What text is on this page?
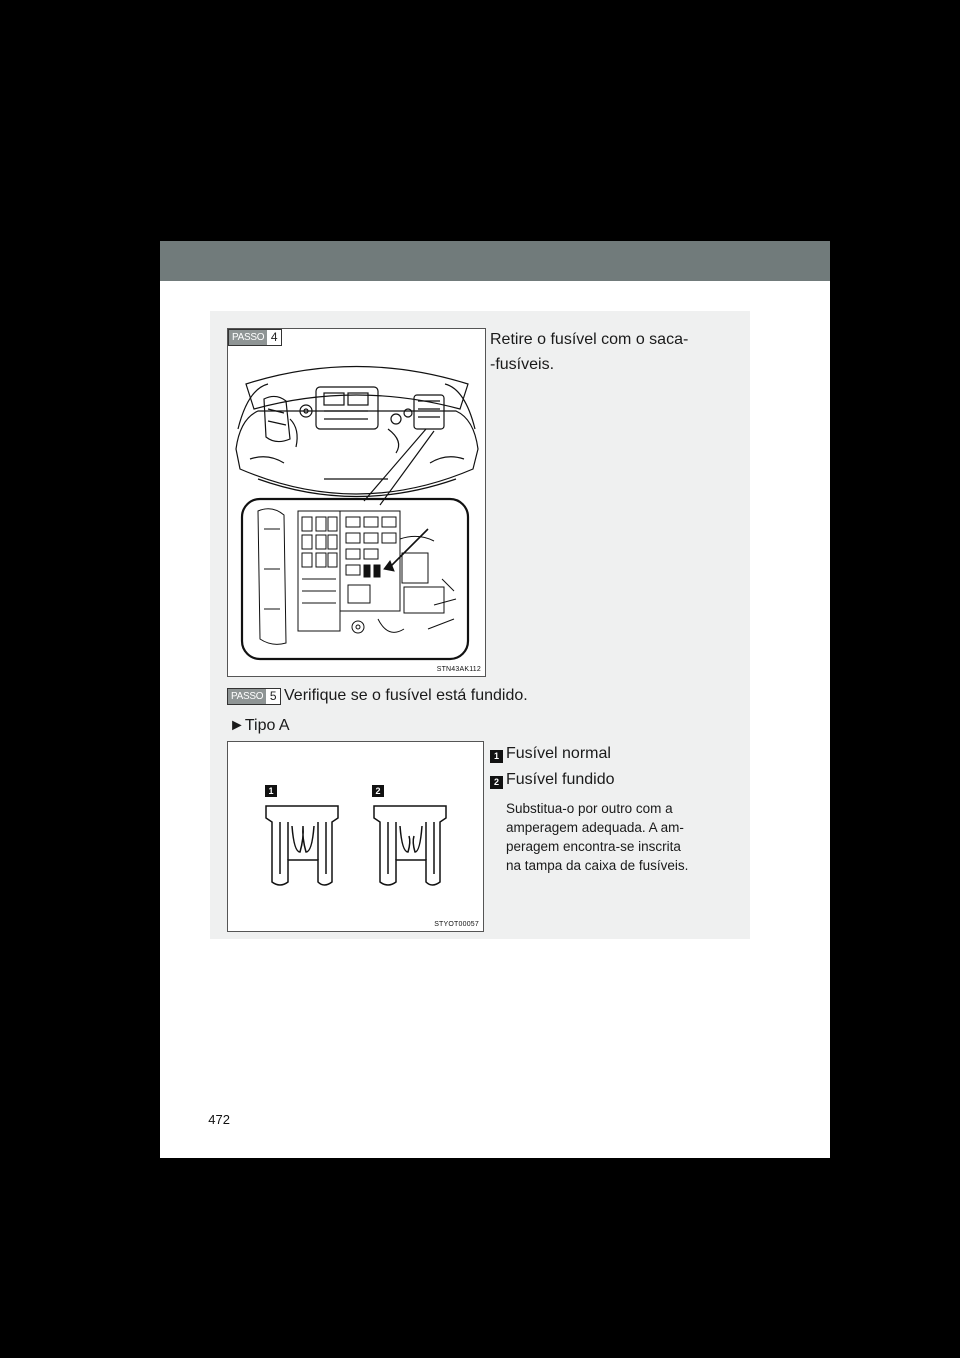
PASSO 4
STN43AK112
Retire o fusível com o saca-
-fusíveis.
PASSO 5 Verifique se o fusível está fundido.
►Tipo A
1	2
STYOT00057
1 Fusível normal
2 Fusível fundido
Substitua-o por outro com a
amperagem adequada. A am-
peragem encontra-se inscrita
na tampa da caixa de fusíveis.
472
